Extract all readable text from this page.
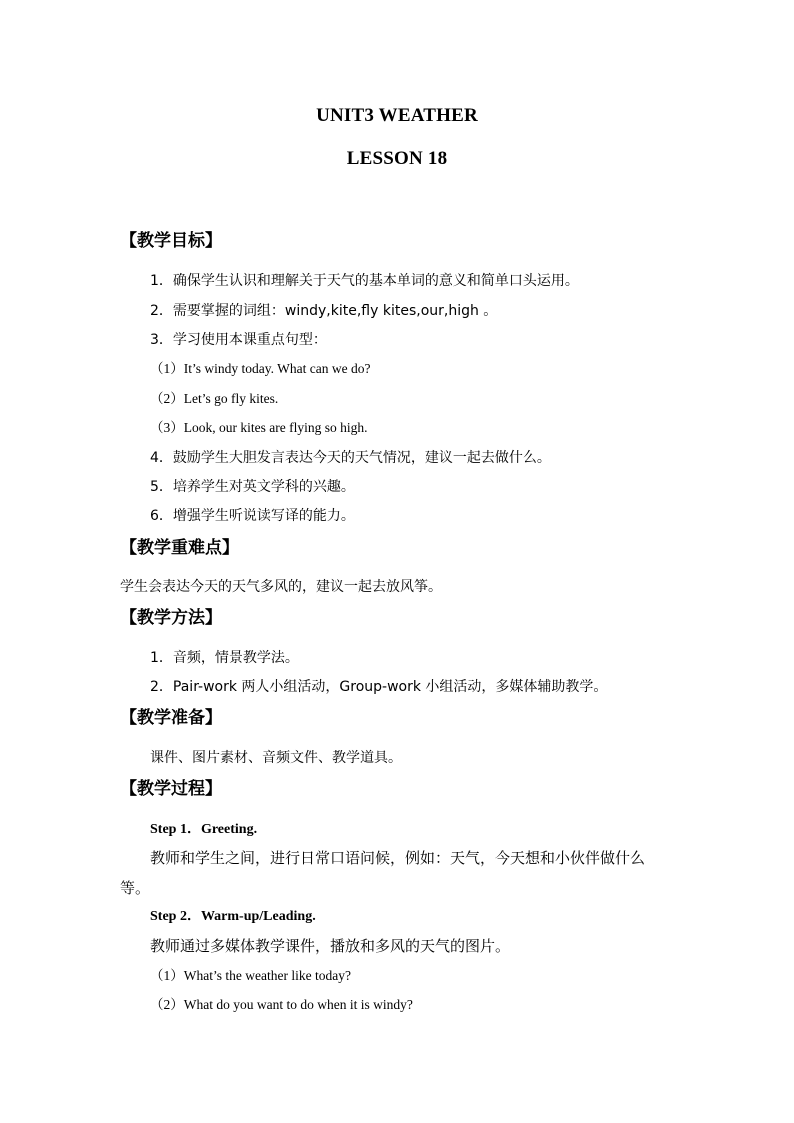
UNIT3 WEATHER
LESSON 18
【教学目标】
1．确保学生认识和理解关于天气的基本单词的意义和简单口头运用。
2．需要掌握的词组：windy,kite,fly kites,our,high 。
3．学习使用本课重点句型：
（1）It’s windy today. What can we do?
（2）Let’s go fly kites.
（3）Look, our kites are flying so high.
4．鼓励学生大胆发言表达今天的天气情况，建议一起去做什么。
5．培养学生对英文学科的兴趣。
6．增强学生听说读写译的能力。
【教学重难点】
学生会表达今天的天气多风的，建议一起去放风筝。
【教学方法】
1．音频，情景教学法。
2．Pair-work 两人小组活动，Group-work 小组活动，多媒体辅助教学。
【教学准备】
课件、图片素材、音频文件、教学道具。
【教学过程】
Step 1．Greeting.
教师和学生之间，进行日常口语问候，例如：天气，今天想和小伙伴做什么
等。
Step 2．Warm-up/Leading.
教师通过多媒体教学课件，播放和多风的天气的图片。
（1）What’s the weather like today?
（2）What do you want to do when it is windy?
